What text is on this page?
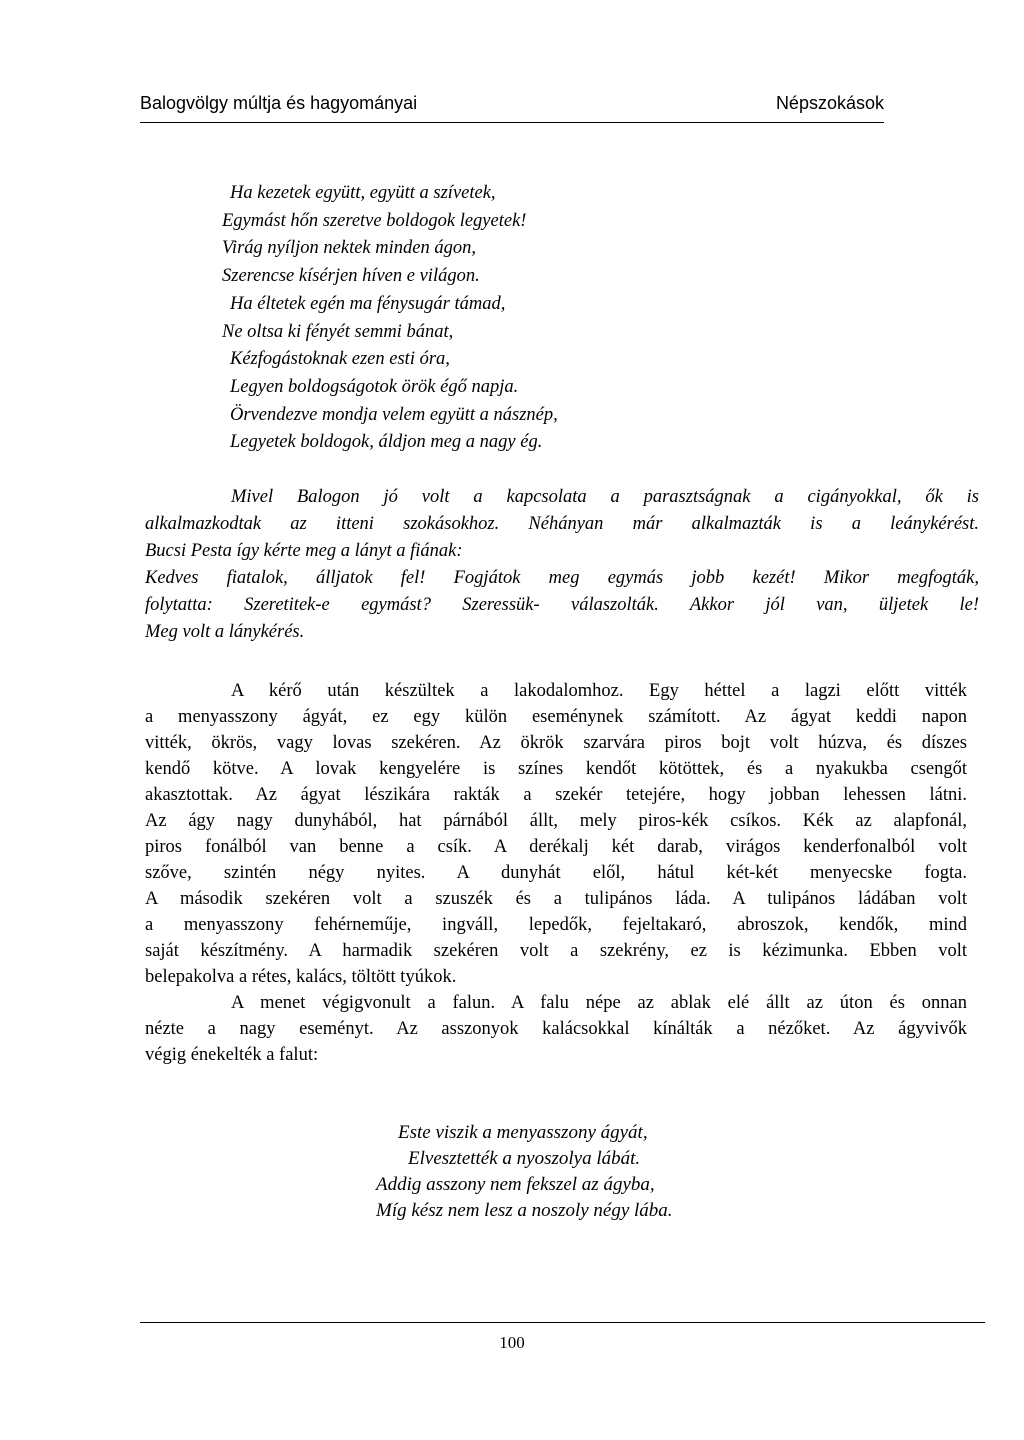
Balogvölgy múltja és hagyományai	Népszokások
Ha kezetek együtt, együtt a szívetek,
Egymást hőn szeretve boldogok legyetek!
Virág nyíljon nektek minden ágon,
Szerencse kísérjen híven e világon.
Ha éltetek egén ma fénysugár támad,
Ne oltsa ki fényét semmi bánat,
Kézfogástoknak ezen esti óra,
Legyen boldogságotok örök égő napja.
Örvendezve mondja velem együtt a násznép,
Legyetek boldogok, áldjon meg a nagy ég.
Mivel Balogon jó volt a kapcsolata a parasztságnak a cigányokkal, ők is
alkalmazkodtak az itteni szokásokhoz. Néhányan már alkalmazták is a leánykérést.
Bucsi Pesta így kérte meg a lányt a fiának:
Kedves fiatalok, álljatok fel! Fogjátok meg egymás jobb kezét! Mikor megfogták,
folytatta: Szeretitek-e egymást? Szeressük- válaszolták. Akkor jól van, üljetek le!
Meg volt a lánykérés.
A kérő után készültek a lakodalomhoz. Egy héttel a lagzi előtt vitték
a menyasszony ágyát, ez egy külön eseménynek számított. Az ágyat keddi napon
vitték, ökrös, vagy lovas szekéren. Az ökrök szarvára piros bojt volt húzva, és díszes
kendő kötve. A lovak kengyelére is színes kendőt kötöttek, és a nyakukba csengőt
akasztottak. Az ágyat lészikára rakták a szekér tetejére, hogy jobban lehessen látni.
Az ágy nagy dunyhából, hat párnából állt, mely piros-kék csíkos. Kék az alapfonál,
piros fonálból van benne a csík. A derékalj két darab, virágos kenderfonalból volt
szőve, szintén négy nyites. A dunyhát elől, hátul két-két menyecske fogta.
A második szekéren volt a szuszék és a tulipános láda. A tulipános ládában volt
a menyasszony fehérneműje, ingváll, lepedők, fejeltakaró, abroszok, kendők, mind
saját készítmény. A harmadik szekéren volt a szekrény, ez is kézimunka. Ebben volt
belepakolva a rétes, kalács, töltött tyúkok.
A menet végigvonult a falun. A falu népe az ablak elé állt az úton és onnan
nézte a nagy eseményt. Az asszonyok kalácsokkal kínálták a nézőket. Az ágyvivők
végig énekelték a falut:
Este viszik a menyasszony ágyát,
Elvesztették a nyoszolya lábát.
Addig asszony nem fekszel az ágyba,
Míg kész nem lesz a noszoly négy lába.
100
